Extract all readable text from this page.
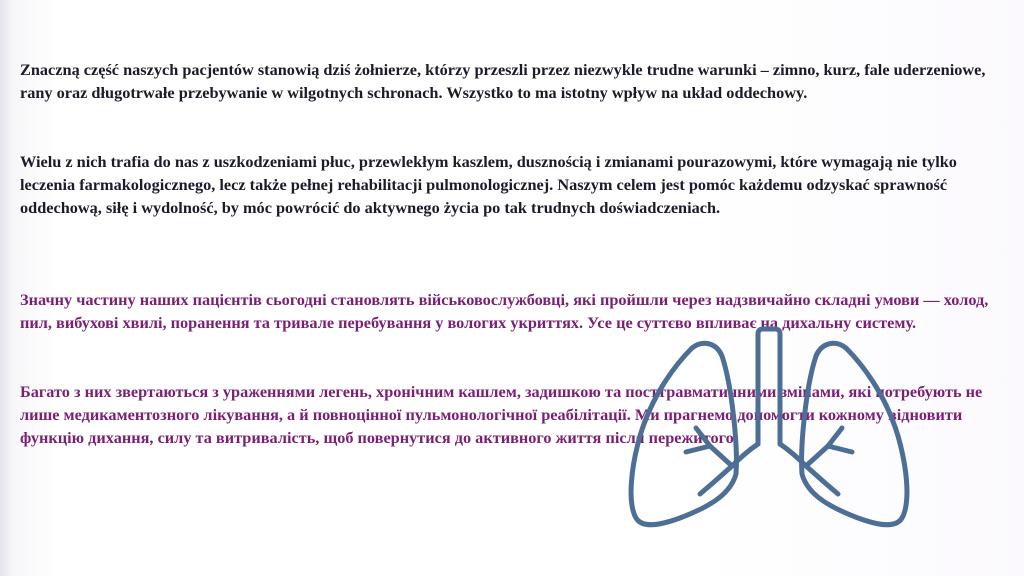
Znaczną część naszych pacjentów stanowią dziś żołnierze, którzy przeszli przez niezwykle trudne warunki – zimno, kurz, fale uderzeniowe, rany oraz długotrwałe przebywanie w wilgotnych schronach. Wszystko to ma istotny wpływ na układ oddechowy.

Wielu z nich trafia do nas z uszkodzeniami płuc, przewlekłym kaszlem, dusznością i zmianami pourazowymi, które wymagają nie tylko leczenia farmakologicznego, lecz także pełnej rehabilitacji pulmonologicznej. Naszym celem jest pomóc każdemu odzyskać sprawność oddechową, siłę i wydolność, by móc powrócić do aktywnego życia po tak trudnych doświadczeniach.

Значну частину наших пацієнтів сьогодні становлять військовослужбовці, які пройшли через надзвичайно складні умови — холод, пил, вибухові хвилі, поранення та тривале перебування у вологих укриттях. Усе це суттєво впливає на дихальну систему.

Багато з них звертаються з ураженнями легень, хронічним кашлем, задишкою та посттравматичними змінами, які потребують не лише медикаментозного лікування, а й повноцінної пульмонологічної реабілітації. Ми прагнемо допомогти кожному відновити функцію дихання, силу та витривалість, щоб повернутися до активного життя після пережитого.
